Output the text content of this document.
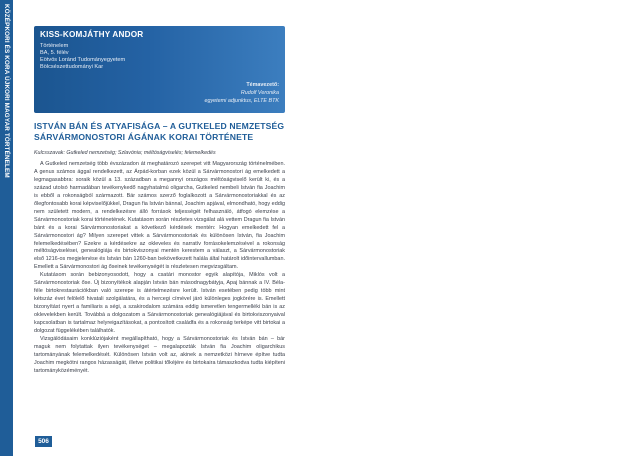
KÖZÉPKORI ÉS KORA ÚJKORI MAGYAR TÖRTÉNELEM	KISS-KOMJÁTHY ANDOR
Történelem
BA, 5. félév
Eötvös Loránd Tudományegyetem
Bölcsészettudományi Kar
Témavezető:
Rudolf Veronika
egyetemi adjunktus, ELTE BTK
ISTVÁN BÁN ÉS ATYAFISÁGA – A GUTKELED NEMZETSÉG
SÁRVÁRMONOSTORI ÁGÁNAK KORAI TÖRTÉNETE
Kulcsszavak: Gutkeled nemzetség; Szlavónia; méltóságviselés; felemelkedés

A Gutkeled nemzetség több évszázadon át meghatározó szerepet vitt Magyarország történelmében. A genus számos ággal rendelkezett, az Árpád-korban ezek közül a Sárvármonostori ág emelkedett a legmagasabbra: soraik közül a 13. században a megannyi országos méltóságviselő került ki, és a század utolsó harmadában tevékenykedő nagyhatalmú oligarcha, Gutkeled nembeli István fia Joachim is ebből a rokonságból származott. Bár számos szerző foglalkozott a Sárvármonostoriakkal és az őlegfontosabb korai képviselőjükkel, Dragun fia István bánnal, Joachim apjával, elmondható, hogy eddig nem született modern, a rendelkezésre álló források teljességét felhasználó, átfogó elemzése a Sárvármonostoriak korai történetének. Kutatásom során részletes vizsgálat alá vettem Dragun fia István bánt és a korai Sárvármonostoriakat a következő kérdések mentén: Hogyan emelkedett fel a Sárvármonostori ág? Milyen szerepet vittek a Sárvármonostoriak és különösen István, fia Joachim felemelkedésében? Ezekre a kérdésekre az okleveles és narratív forrásokelemzésével a rokonság méltóságviselései, genealógiája és birtokviszonyai mentén kerestem a választ, a Sárvármonostoriak első 1216-os megjelenése és István bán 1260-ban bekövetkezett halála által határolt időintervallumban. Emellett a Sárvármonostori ág őseinek tevékenységét is részletesen megvizsgáltam.

Kutatásom során bebizonyosodott, hogy a csatári monostor egyik alapítója, Miklós volt a Sárvármonostoriak őse. Új bizonyítékok alapján István bán másodnagybátyja, Apaj bánnak a IV. Béla-féle birtokrestaurációkban való szerepe is átértelmezésre került. István esetében pedig több mint kétszáz évet felölelő hivatali szolgálatára, és a hercegi címével járó különleges jogkörére is. Emellett bizonyítást nyert a familiaris a ségi, a szakirodalom számára eddig ismeretlen tengermelléki bán is az oklevelekben került. Továbbá a dolgozatom a Sárvármonostoriak genealógiájával és birtokviszonyaival kapcsolatban is tartalmaz helyreigazításokat, a pontosított családfa és a rokonság terképe vitt birtokai a dolgozat függelékében találhatók.

Vizsgálódásaim konklúziójaként megállapítható, hogy a Sárvármonostoriak és István bán – bár maguk nem folytattak ilyen tevékenységet – megalapozták István fia Joachim oligarchikus tartományának felemelkedését. Különösen István volt az, akinek a nemzetközi hírneve építve tudta Joachim megkötni rangos házasságát, illetve politikai tőkéjére és birtokaira támaszkodva tudta kiépíteni tartományközéményét.

506
